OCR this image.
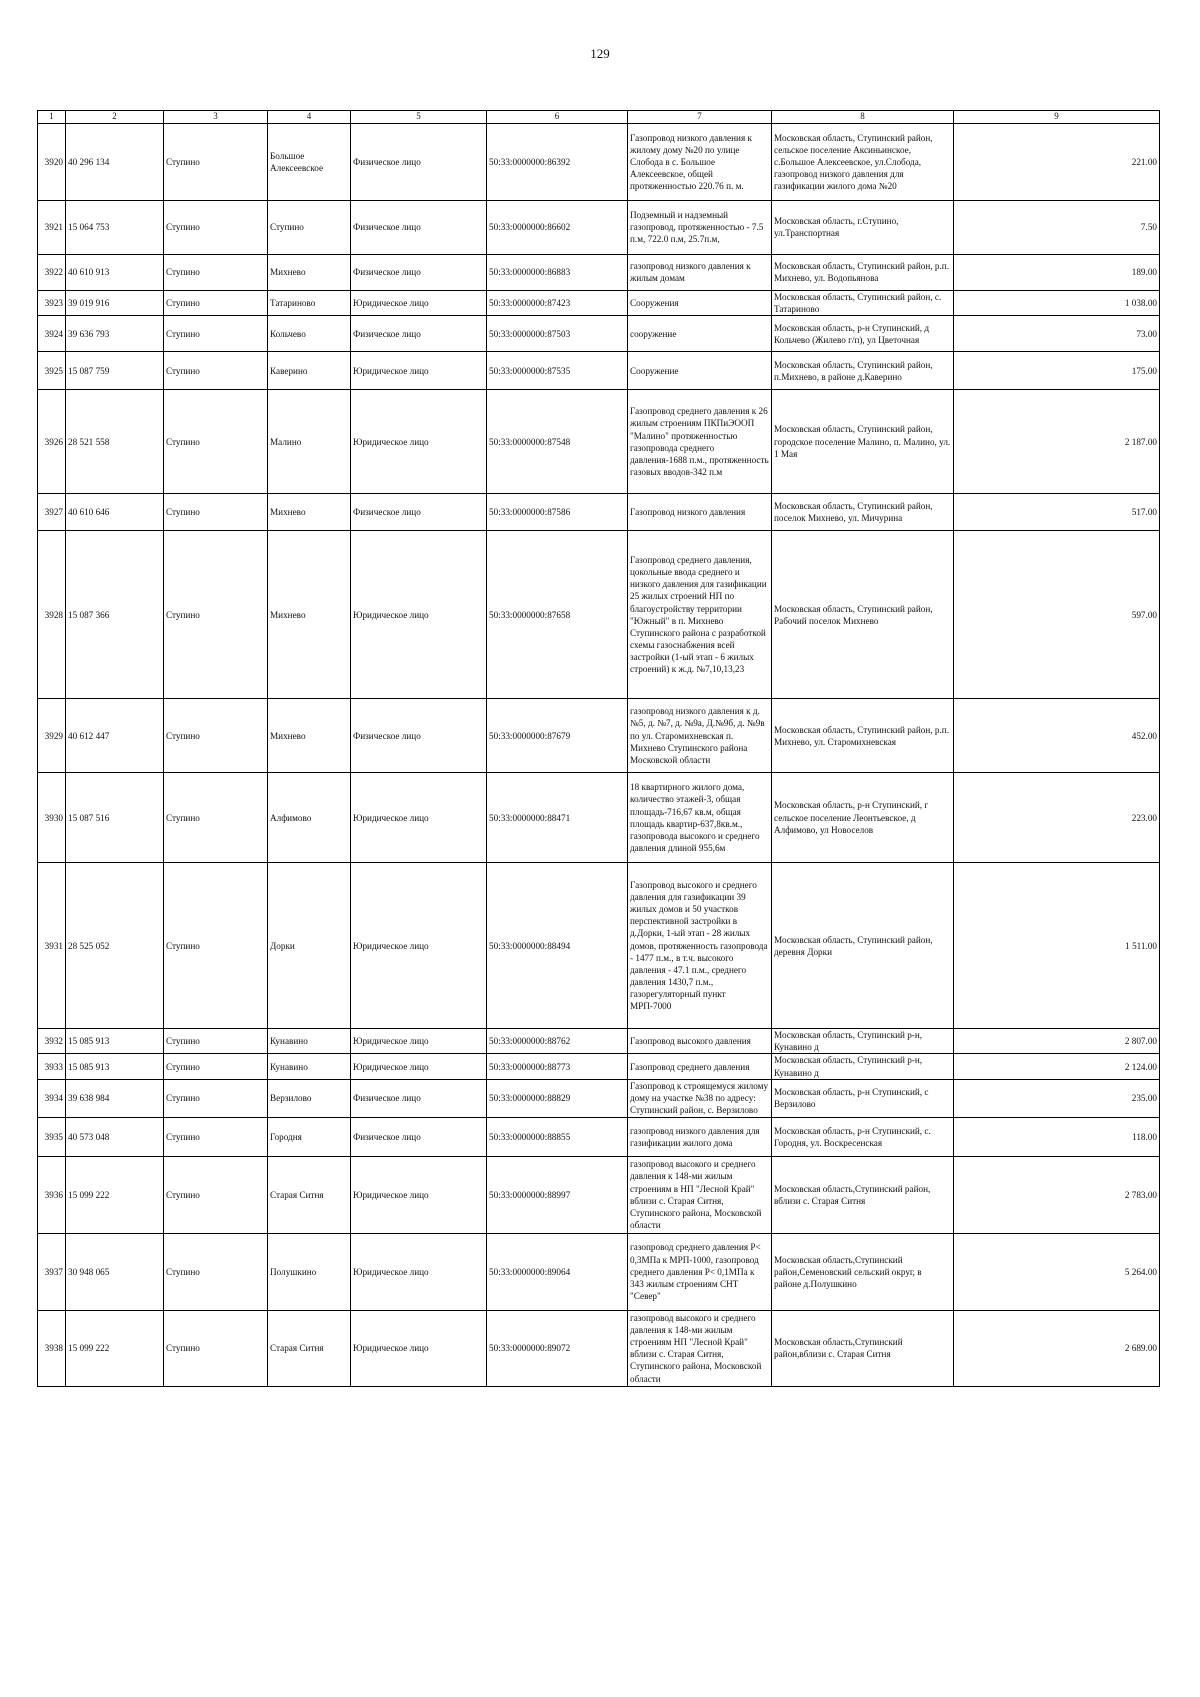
129
1	2	3	4	5	6	7	8	9
3920	40 296 134	Ступино	Большое Алексеевское	Физическое лицо	50:33:0000000:86392	Газопровод низкого давления к жилому дому №20 по улице Слобода в с. Большое Алексеевское, общей протяженностью 220.76 п. м.	Московская область, Ступинский район, сельское поселение Аксиньинское, с.Большое Алексеевское, ул.Слобода, газопровод низкого давления для газификации жилого дома №20	221.00
3921	15 064 753	Ступино	Ступино	Физическое лицо	50:33:0000000:86602	Подземный и надземный газопровод, протяженностью - 7.5 п.м, 722.0 п.м, 25.7п.м,	Московская область, г.Ступино, ул.Транспортная	7.50
3922	40 610 913	Ступино	Михнево	Физическое лицо	50:33:0000000:86883	газопровод низкого давления к жилым домам	Московская область, Ступинский район, р.п. Михнево, ул. Водопьянова	189.00
3923	39 019 916	Ступино	Татариново	Юридическое лицо	50:33:0000000:87423	Сооружения	Московская область, Ступинский район, с. Татариново	1 038.00
3924	39 636 793	Ступино	Кольчево	Физическое лицо	50:33:0000000:87503	сооружение	Московская область, р-н Ступинский, д Кольчево (Жилево г/п), ул Цветочная	73.00
3925	15 087 759	Ступино	Каверино	Юридическое лицо	50:33:0000000:87535	Сооружение	Московская область, Ступинский район, п.Михнево, в районе д.Каверино	175.00
3926	28 521 558	Ступино	Малино	Юридическое лицо	50:33:0000000:87548	Газопровод среднего давления к 26 жилым строениям ПКПиЭООП "Малино" протяженностью газопровода среднего давления-1688 п.м., протяженность газовых вводов-342 п.м	Московская область, Ступинский район, городское поселение Малино, п. Малино, ул. 1 Мая	2 187.00
3927	40 610 646	Ступино	Михнево	Физическое лицо	50:33:0000000:87586	Газопровод низкого давления	Московская область, Ступинский район, поселок Михнево, ул. Мичурина	517.00
3928	15 087 366	Ступино	Михнево	Юридическое лицо	50:33:0000000:87658	Газопровод среднего давления, цокольные ввода среднего и низкого давления для газификации 25 жилых строений НП по благоустройству территории "Южный" в п. Михнево Ступинского района с разработкой схемы газоснабжения всей застройки (1-ый этап - 6 жилых строений) к ж.д. №7,10,13,23	Московская область, Ступинский район, Рабочий поселок Михнево	597.00
3929	40 612 447	Ступино	Михнево	Физическое лицо	50:33:0000000:87679	газопровод низкого давления к д. №5, д. №7, д. №9а, Д.№9б, д. №9в по ул. Старомихневская п. Михнево Ступинского района Московской области	Московская область, Ступинский район, р.п. Михнево, ул. Старомихневская	452.00
3930	15 087 516	Ступино	Алфимово	Юридическое лицо	50:33:0000000:88471	18 квартирного жилого дома, количество этажей-3, общая площадь-716,67 кв.м, общая площадь квартир-637,8кв.м., газопровода высокого и среднего давления длиной 955,6м	Московская область, р-н Ступинский, г сельское поселение Леонтьевское, д Алфимово, ул Новоселов	223.00
3931	28 525 052	Ступино	Дорки	Юридическое лицо	50:33:0000000:88494	Газопровод высокого и среднего давления для газификации 39 жилых домов и 50 участков перспективной застройки в д.Дорки, 1-ый этап - 28 жилых домов, протяженность газопровода - 1477 п.м., в т.ч. высокого давления - 47.1 п.м., среднего давления 1430,7 п.м., газорегуляторный пункт МРП-7000	Московская область, Ступинский район, деревня Дорки	1 511.00
3932	15 085 913	Ступино	Кунавино	Юридическое лицо	50:33:0000000:88762	Газопровод высокого давления	Московская область, Ступинский р-н, Кунавино д	2 807.00
3933	15 085 913	Ступино	Кунавино	Юридическое лицо	50:33:0000000:88773	Газопровод среднего давления	Московская область, Ступинский р-н, Кунавино д	2 124.00
3934	39 638 984	Ступино	Верзилово	Физическое лицо	50:33:0000000:88829	Газопровод к строящемуся жилому дому на участке №38 по адресу: Ступинский район, с. Верзилово	Московская область, р-н Ступинский, с Верзилово	235.00
3935	40 573 048	Ступино	Городня	Физическое лицо	50:33:0000000:88855	газопровод низкого давления для газификации жилого дома	Московская область, р-н Ступинский, с. Городня, ул. Воскресенская	118.00
3936	15 099 222	Ступино	Старая Ситня	Юридическое лицо	50:33:0000000:88997	газопровод высокого и среднего давления к 148-ми жилым строениям в НП "Лесной Край" вблизи с. Старая Ситня, Ступинского района, Московской области	Московская область,Ступинский район, вблизи с. Старая Ситня	2 783.00
3937	30 948 065	Ступино	Полушкино	Юридическое лицо	50:33:0000000:89064	газопровод среднего давления Р< 0,3МПа к МРП-1000, газопровод среднего давления Р< 0,1МПа к 343 жилым строениям СНТ "Север"	Московская область,Ступинский район,Семеновский сельский округ, в районе д.Полушкино	5 264.00
3938	15 099 222	Ступино	Старая Ситня	Юридическое лицо	50:33:0000000:89072	газопровод высокого и среднего давления к 148-ми жилым строениям НП "Лесной Край" вблизи с. Старая Ситня, Ступинского района, Московской области	Московская область,Ступинский район,вблизи с. Старая Ситня	2 689.00
